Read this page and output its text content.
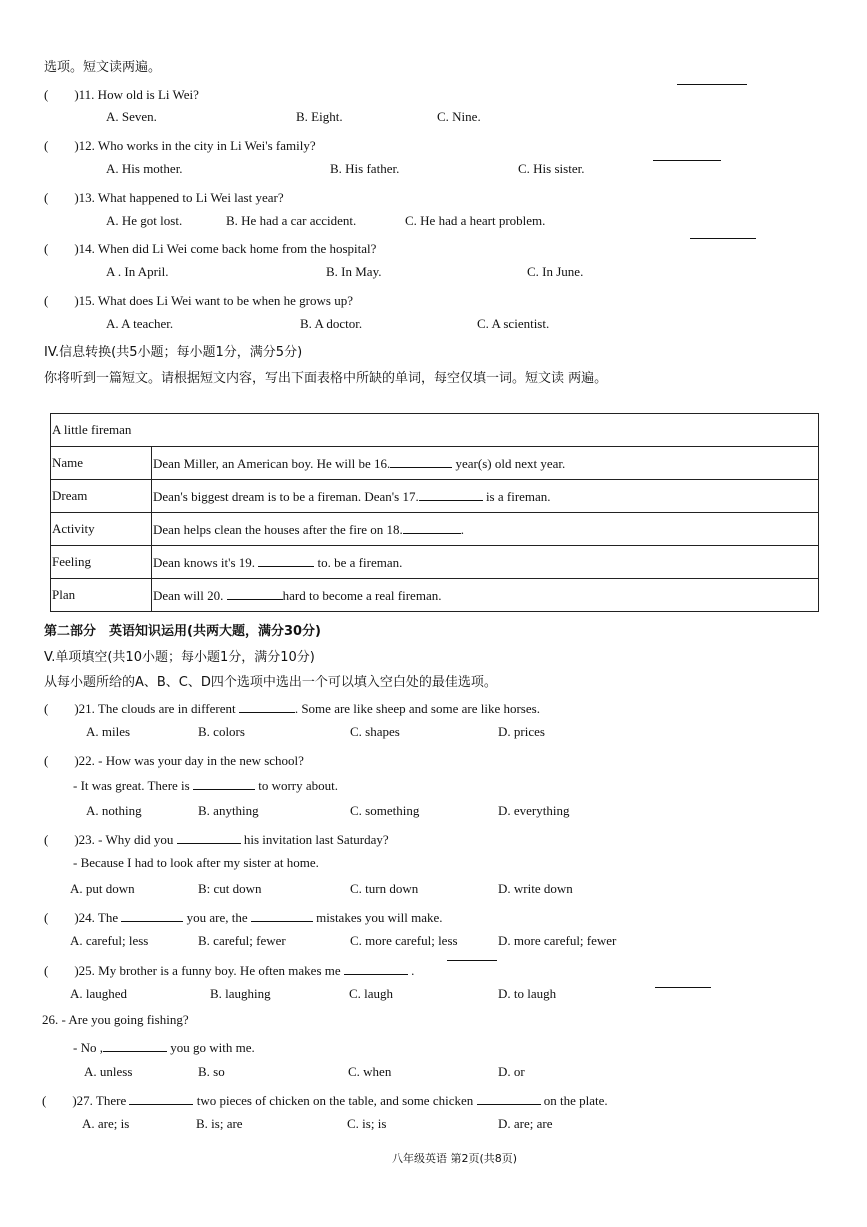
选项。短文读两遍。
(　　)11. How old is Li Wei?
A. Seven.	B. Eight.	C. Nine.
(　　)12. Who works in the city in Li Wei's family?
A. His mother.	B. His father.	C. His sister.
(　　)13. What happened to Li Wei last year?
A. He got lost.	B. He had a car accident.	C. He had a heart problem.
(　　)14. When did Li Wei come back home from the hospital?
A . In April.	B. In May.	C. In June.
(　　)15. What does Li Wei want to be when he grows up?
A. A teacher.	B. A doctor.	C. A scientist.
IV.信息转换(共5小题；每小题1分，满分5分)
你将听到一篇短文。请根据短文内容，写出下面表格中所缺的单词，每空仅填一词。短文读 两遍。
A little fireman	
Name	Dean Miller, an American boy. He will be 16. year(s) old next year.
Dream	Dean's biggest dream is to be a fireman. Dean's 17. is a fireman.
Activity	Dean helps clean the houses after the fire on 18. .
Feeling	Dean knows it's 19. to. be a fireman.
Plan	Dean will 20. hard to become a real fireman.
第二部分　英语知识运用(共两大题，满分30分)
V.单项填空(共10小题；每小题1分，满分10分)
从每小题所给的A、B、C、D四个选项中选出一个可以填入空白处的最佳选项。
(　　)21. The clouds are in different	. Some are like sheep and some are like horses.
A. miles	B. colors	C. shapes	D. prices
(　　)22. - How was your day in the new school?
- It was great. There is	to worry about.
A. nothing	B. anything	C. something	D. everything
(　　)23. - Why did you	his invitation last Saturday?
- Because I had to look after my sister at home.
A. put down	B: cut down	C. turn down	D. write down
(　　)24. The	you are, the	mistakes you will make.
A. careful; less	B. careful; fewer	C. more careful; less	D. more careful; fewer
(　　)25. My brother is a funny boy. He often makes me	.
A. laughed	B. laughing	C. laugh	D. to laugh
26. - Are you going fishing?
- No ,	you go with me.
A. unless	B. so	C. when	D. or
(　　)27. There	two pieces of chicken on the table, and some chicken	on the plate.
A. are; is	B. is; are	C. is; is	D. are; are
八年级英语 第2页(共8页)
